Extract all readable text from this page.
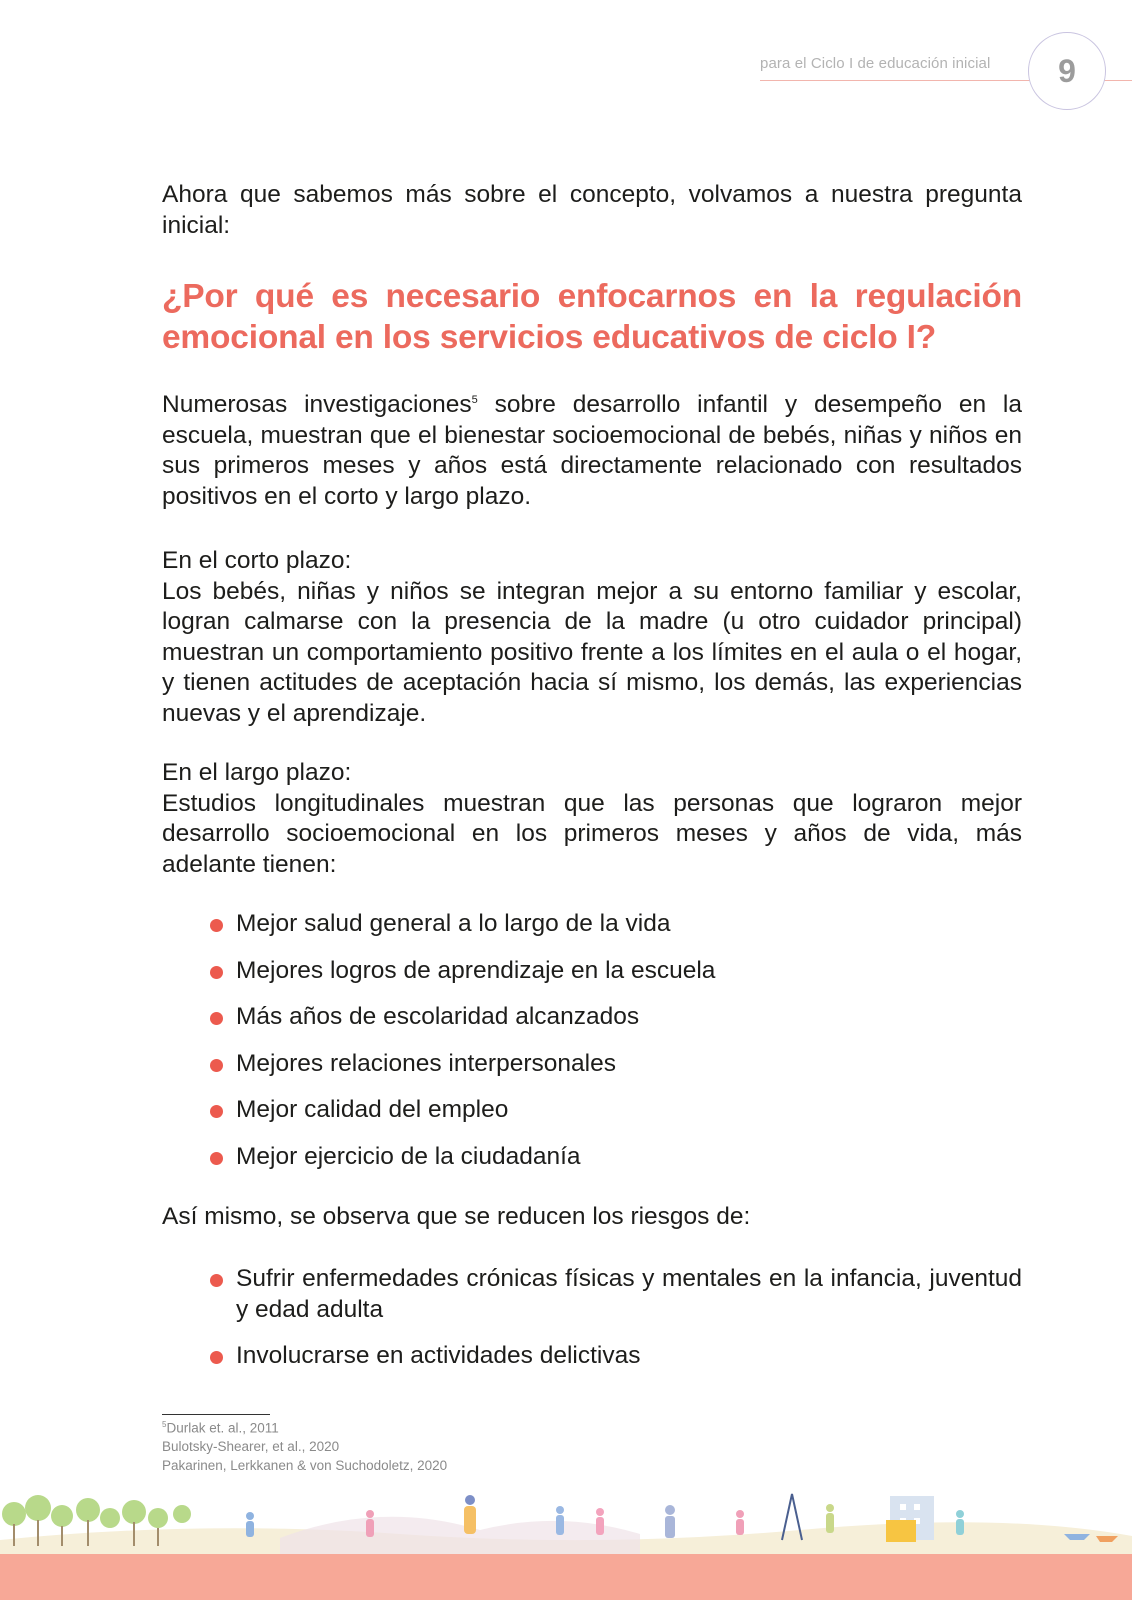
para el Ciclo I de educación inicial	9

Ahora que sabemos más sobre el concepto, volvamos a nuestra pregunta inicial:

¿Por qué es necesario enfocarnos en la regulación emocional en los servicios educativos de ciclo I?

Numerosas investigaciones$^5$ sobre desarrollo infantil y desempeño en la escuela, muestran que el bienestar socioemocional de bebés, niñas y niños en sus primeros meses y años está directamente relacionado con resultados positivos en el corto y largo plazo.

En el corto plazo:

Los bebés, niñas y niños se integran mejor a su entorno familiar y escolar, logran calmarse con la presencia de la madre (u otro cuidador principal) muestran un comportamiento positivo frente a los límites en el aula o el hogar, y tienen actitudes de aceptación hacia sí mismo, los demás, las experiencias nuevas y el aprendizaje.

En el largo plazo:

Estudios longitudinales muestran que las personas que lograron mejor desarrollo socioemocional en los primeros meses y años de vida, más adelante tienen:

Mejor salud general a lo largo de la vida
Mejores logros de aprendizaje en la escuela
Más años de escolaridad alcanzados
Mejores relaciones interpersonales
Mejor calidad del empleo
Mejor ejercicio de la ciudadanía

Así mismo, se observa que se reducen los riesgos de:

Sufrir enfermedades crónicas físicas y mentales en la infancia, juventud y edad adulta
Involucrarse en actividades delictivas
$^5$Durlak et. al., 2011
Bulotsky-Shearer, et al., 2020
Pakarinen, Lerkkanen & von Suchodoletz, 2020
